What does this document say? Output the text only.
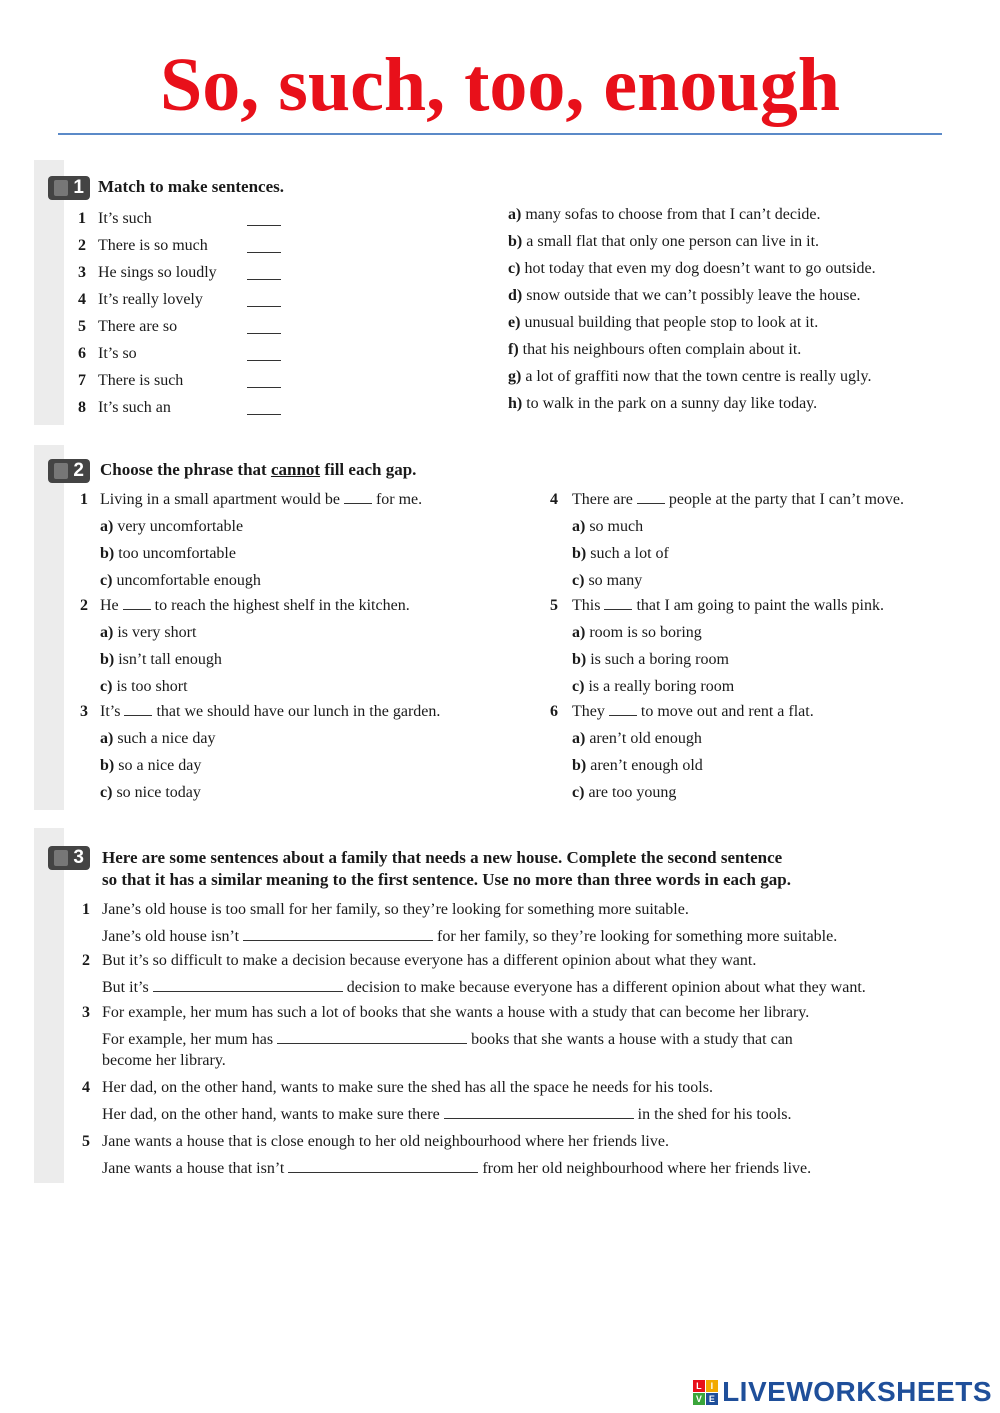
So, such, too, enough
1 Match to make sentences.
1 It’s such
2 There is so much
3 He sings so loudly
4 It’s really lovely
5 There are so
6 It’s so
7 There is such
8 It’s such an
a) many sofas to choose from that I can’t decide.
b) a small flat that only one person can live in it.
c) hot today that even my dog doesn’t want to go outside.
d) snow outside that we can’t possibly leave the house.
e) unusual building that people stop to look at it.
f) that his neighbours often complain about it.
g) a lot of graffiti now that the town centre is really ugly.
h) to walk in the park on a sunny day like today.
2 Choose the phrase that cannot fill each gap.
1 Living in a small apartment would be  for me.
a) very uncomfortable
b) too uncomfortable
c) uncomfortable enough
2 He  to reach the highest shelf in the kitchen.
a) is very short
b) isn’t tall enough
c) is too short
3 It’s  that we should have our lunch in the garden.
a) such a nice day
b) so a nice day
c) so nice today
4 There are  people at the party that I can’t move.
a) so much
b) such a lot of
c) so many
5 This  that I am going to paint the walls pink.
a) room is so boring
b) is such a boring room
c) is a really boring room
6 They  to move out and rent a flat.
a) aren’t old enough
b) aren’t enough old
c) are too young
3	Here are some sentences about a family that needs a new house. Complete the second sentence
so that it has a similar meaning to the first sentence. Use no more than three words in each gap.
1 Jane’s old house is too small for her family, so they’re looking for something more suitable.
Jane’s old house isn’t	for her family, so they’re looking for something more suitable.
2 But it’s so difficult to make a decision because everyone has a different opinion about what they want.
But it’s	decision to make because everyone has a different opinion about what they want.
3 For example, her mum has such a lot of books that she wants a house with a study that can become her library.
For example, her mum has	books that she wants a house with a study that can
become her library.
4 Her dad, on the other hand, wants to make sure the shed has all the space he needs for his tools.
Her dad, on the other hand, wants to make sure there	in the shed for his tools.
5 Jane wants a house that is close enough to her old neighbourhood where her friends live.
Jane wants a house that isn’t	from her old neighbourhood where her friends live.
L I
V E LIVEWORKSHEETS
